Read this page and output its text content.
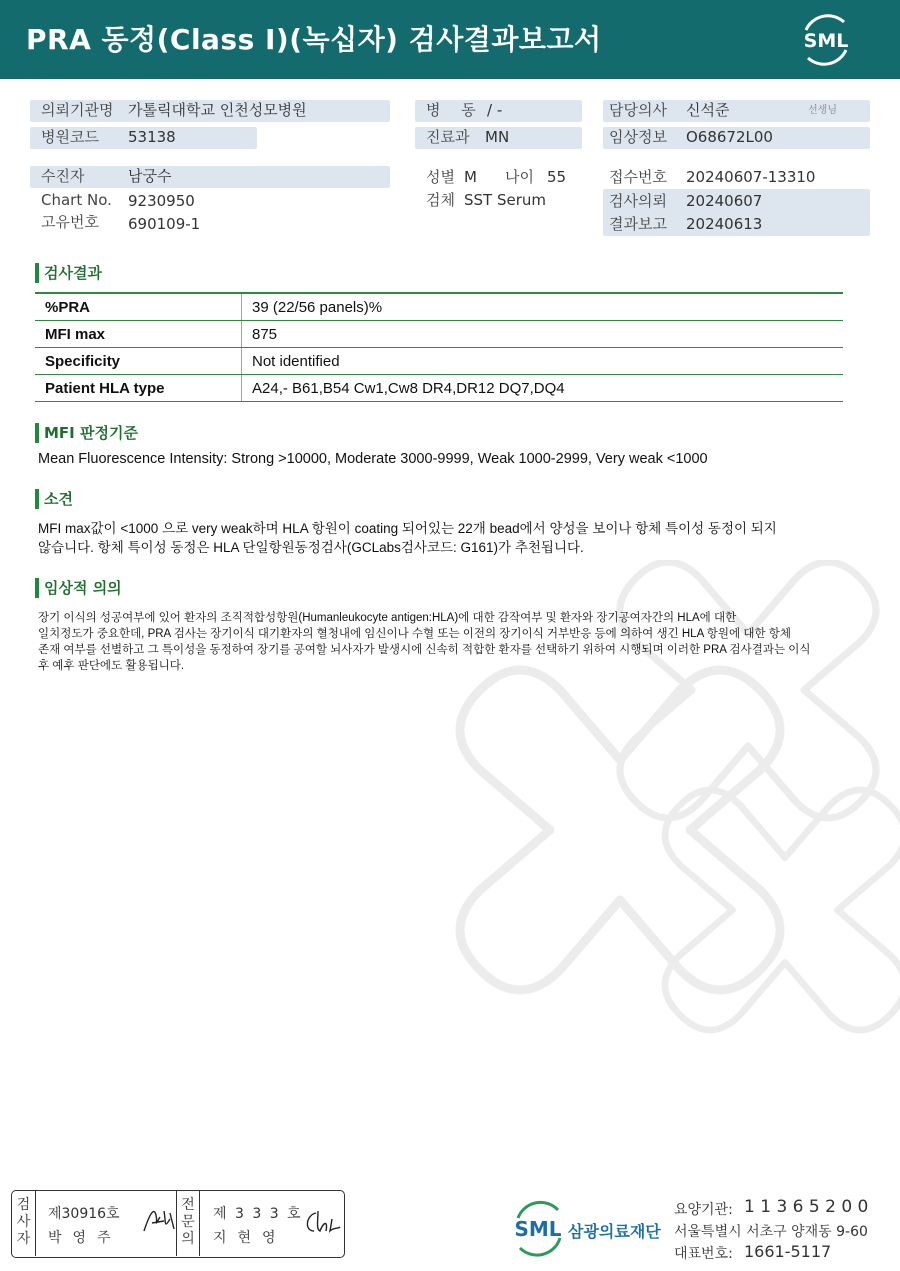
PRA 동정(Class I)(녹십자) 검사결과보고서	SML
의뢰기관명 가톨릭대학교 인천성모병원
병원코드 53138
병 동 / -
진료과 MN
담당의사 신석준	선생님
임상정보 O68672L00
수진자	남궁수
Chart No. 9230950
고유번호 690109-1
성별 M 나이 55
검체 SST Serum
접수번호 20240607-13310
검사의뢰 20240607
결과보고 20240613
검사결과
%PRA	39 (22/56 panels)%
MFI max	875
Specificity	Not identified
Patient HLA type	A24,- B61,B54 Cw1,Cw8 DR4,DR12 DQ7,DQ4
MFI 판정기준
Mean Fluorescence Intensity: Strong >10000, Moderate 3000-9999, Weak 1000-2999, Very weak <1000
소견
MFI max값이 <1000 으로 very weak하며 HLA 항원이 coating 되어있는 22개 bead에서 양성을 보이나 항체 특이성 동정이 되지
않습니다. 항체 특이성 동정은 HLA 단일항원동정검사(GCLabs검사코드: G161)가 추천됩니다.
임상적 의의
장기 이식의 성공여부에 있어 환자의 조직적합성항원(Humanleukocyte antigen:HLA)에 대한 감작여부 및 환자와 장기공여자간의 HLA에 대한
일치정도가 중요한데, PRA 검사는 장기이식 대기환자의 혈청내에 임신이나 수혈 또는 이전의 장기이식 거부반응 등에 의하여 생긴 HLA 항원에 대한 항체
존재 여부를 선별하고 그 특이성을 동정하여 장기를 공여할 뇌사자가 발생시에 신속히 적합한 환자를 선택하기 위하여 시행되며 이러한 PRA 검사결과는 이식
후 예후 판단에도 활용됩니다.
검
사
자
제30916호
박영주
전
문
의
제 3 3 3 호
지현영	SML 삼광의료재단
요양기관: 1 1 3 6 5 2 0 0
서울특별시 서초구 양재동 9-60
대표번호: 1661-5117
